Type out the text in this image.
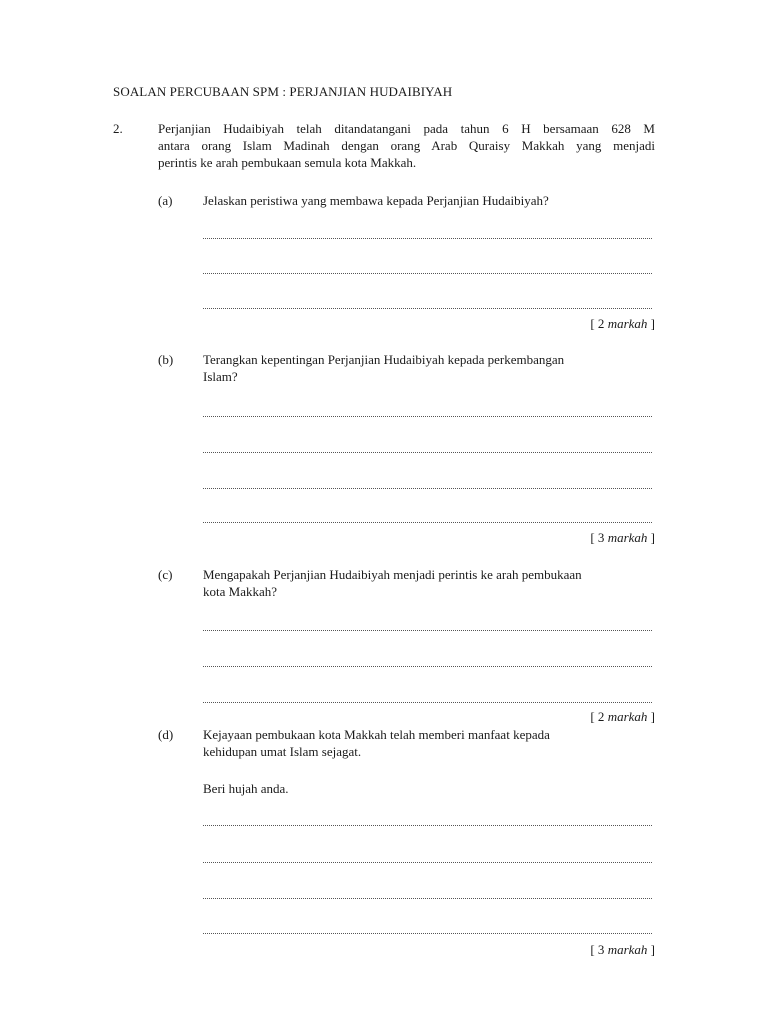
SOALAN PERCUBAAN SPM : PERJANJIAN HUDAIBIYAH
2.	Perjanjian Hudaibiyah telah ditandatangani pada tahun 6 H bersamaan 628 M
antara orang Islam Madinah dengan orang Arab Quraisy Makkah yang menjadi
perintis ke arah pembukaan semula kota Makkah.
(a) Jelaskan peristiwa yang membawa kepada Perjanjian Hudaibiyah?
[ 2 markah ]
(b) Terangkan kepentingan Perjanjian Hudaibiyah kepada perkembangan
Islam?
[ 3 markah ]
(c) Mengapakah Perjanjian Hudaibiyah menjadi perintis ke arah pembukaan
kota Makkah?
[ 2 markah ]
(d) Kejayaan pembukaan kota Makkah telah memberi manfaat kepada
kehidupan umat Islam sejagat.
Beri hujah anda.
[ 3 markah ]
